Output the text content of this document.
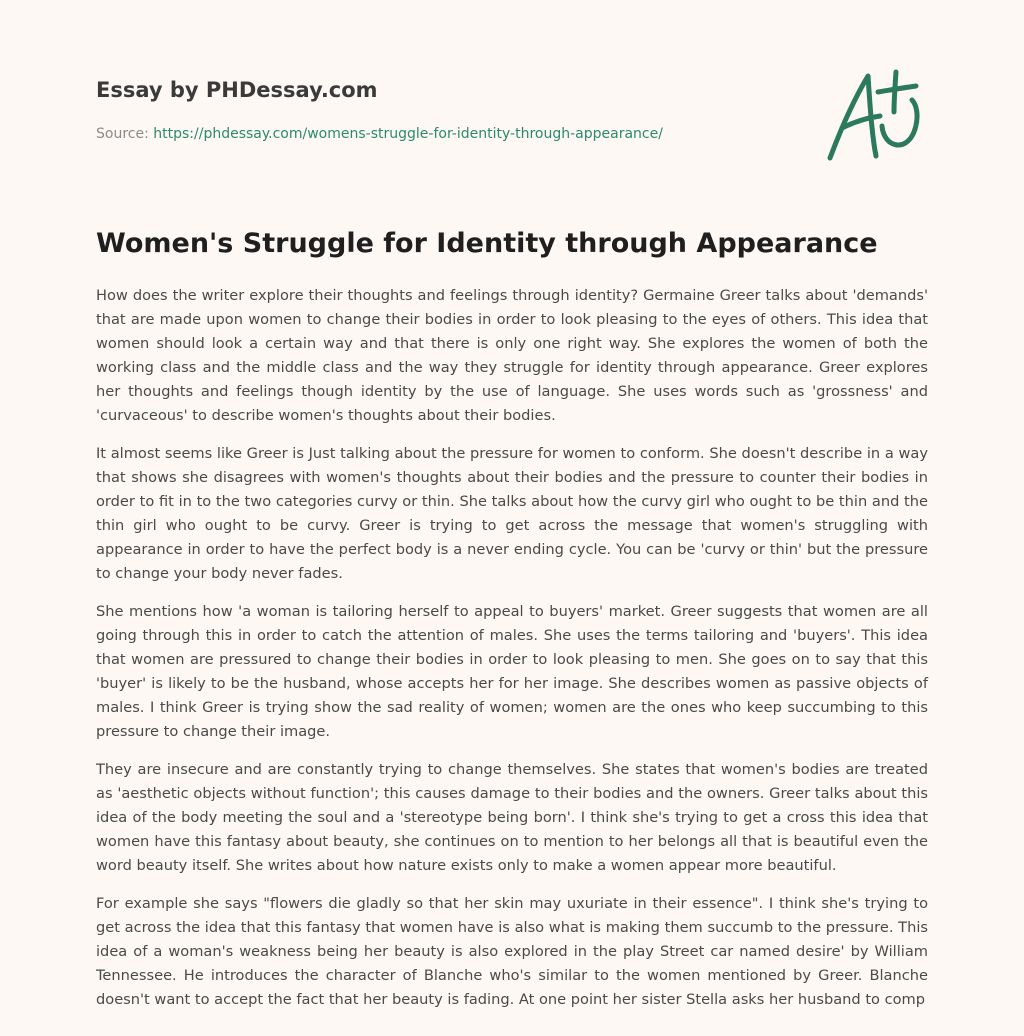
Essay by PHDessay.com
Source: https://phdessay.com/womens-struggle-for-identity-through-appearance/
Women's Struggle for Identity through Appearance

How does the writer explore their thoughts and feelings through identity? Germaine Greer talks about 'demands' that are made upon women to change their bodies in order to look pleasing to the eyes of others. This idea that women should look a certain way and that there is only one right way. She explores the women of both the working class and the middle class and the way they struggle for identity through appearance. Greer explores her thoughts and feelings though identity by the use of language. She uses words such as 'grossness' and 'curvaceous' to describe women's thoughts about their bodies.

It almost seems like Greer is Just talking about the pressure for women to conform. She doesn't describe in a way that shows she disagrees with women's thoughts about their bodies and the pressure to counter their bodies in order to fit in to the two categories curvy or thin. She talks about how the curvy girl who ought to be thin and the thin girl who ought to be curvy. Greer is trying to get across the message that women's struggling with appearance in order to have the perfect body is a never ending cycle. You can be 'curvy or thin' but the pressure to change your body never fades.

She mentions how 'a woman is tailoring herself to appeal to buyers' market. Greer suggests that women are all going through this in order to catch the attention of males. She uses the terms tailoring and 'buyers'. This idea that women are pressured to change their bodies in order to look pleasing to men. She goes on to say that this 'buyer' is likely to be the husband, whose accepts her for her image. She describes women as passive objects of males. I think Greer is trying show the sad reality of women; women are the ones who keep succumbing to this pressure to change their image.

They are insecure and are constantly trying to change themselves. She states that women's bodies are treated as 'aesthetic objects without function'; this causes damage to their bodies and the owners. Greer talks about this idea of the body meeting the soul and a 'stereotype being born'. I think she's trying to get a cross this idea that women have this fantasy about beauty, she continues on to mention to her belongs all that is beautiful even the word beauty itself. She writes about how nature exists only to make a women appear more beautiful.

For example she says "flowers die gladly so that her skin may uxuriate in their essence". I think she's trying to get across the idea that this fantasy that women have is also what is making them succumb to the pressure. This idea of a woman's weakness being her beauty is also explored in the play Street car named desire' by William Tennessee. He introduces the character of Blanche who's similar to the women mentioned by Greer. Blanche doesn't want to accept the fact that her beauty is fading. At one point her sister Stella asks her husband to comp
